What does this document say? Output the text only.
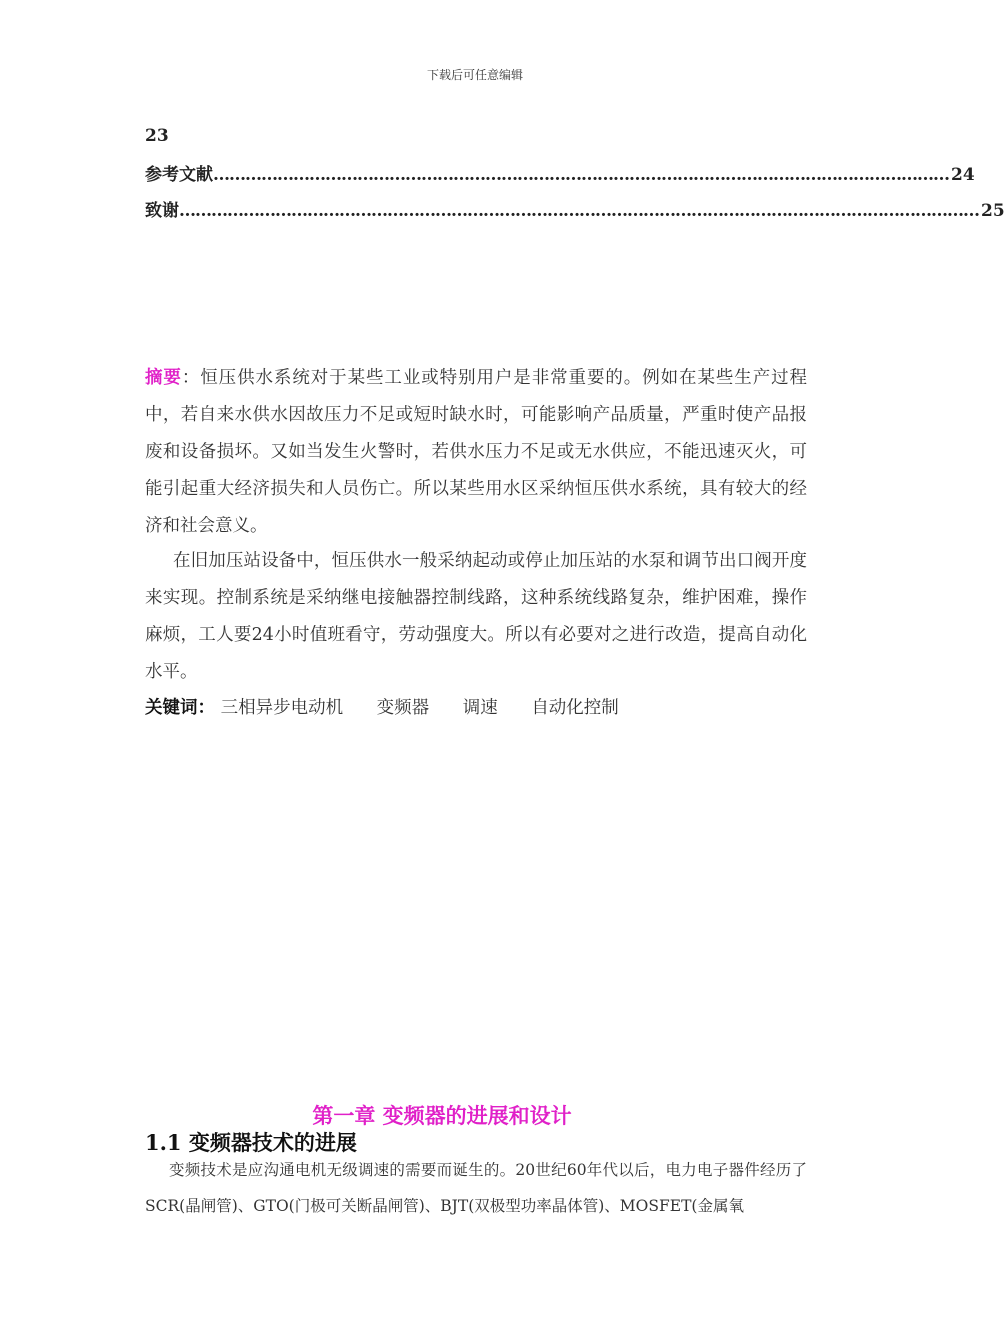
下载后可任意编辑
23
参考文献 ………………………………………………………………………………………………………………………… 24
致谢 …………………………………………………………………………………………………………………………………… 25
摘要：恒压供水系统对于某些工业或特别用户是非常重要的。例如在某些生产过程中，若自来水供水因故压力不足或短时缺水时，可能影响产品质量，严重时使产品报废和设备损坏。又如当发生火警时，若供水压力不足或无水供应，不能迅速灭火，可能引起重大经济损失和人员伤亡。所以某些用水区采纳恒压供水系统，具有较大的经济和社会意义。
在旧加压站设备中，恒压供水一般采纳起动或停止加压站的水泵和调节出口阀开度来实现。控制系统是采纳继电接触器控制线路，这种系统线路复杂，维护困难，操作麻烦，工人要24小时值班看守，劳动强度大。所以有必要对之进行改造，提高自动化水平。
关键词： 三相异步电动机 变频器 调速 自动化控制
第一章 变频器的进展和设计
1.1 变频器技术的进展
变频技术是应沟通电机无级调速的需要而诞生的。20世纪60年代以后，电力电子器件经历了SCR(晶闸管)、GTO(门极可关断晶闸管)、BJT(双极型功率晶体管)、MOSFET(金属氧
